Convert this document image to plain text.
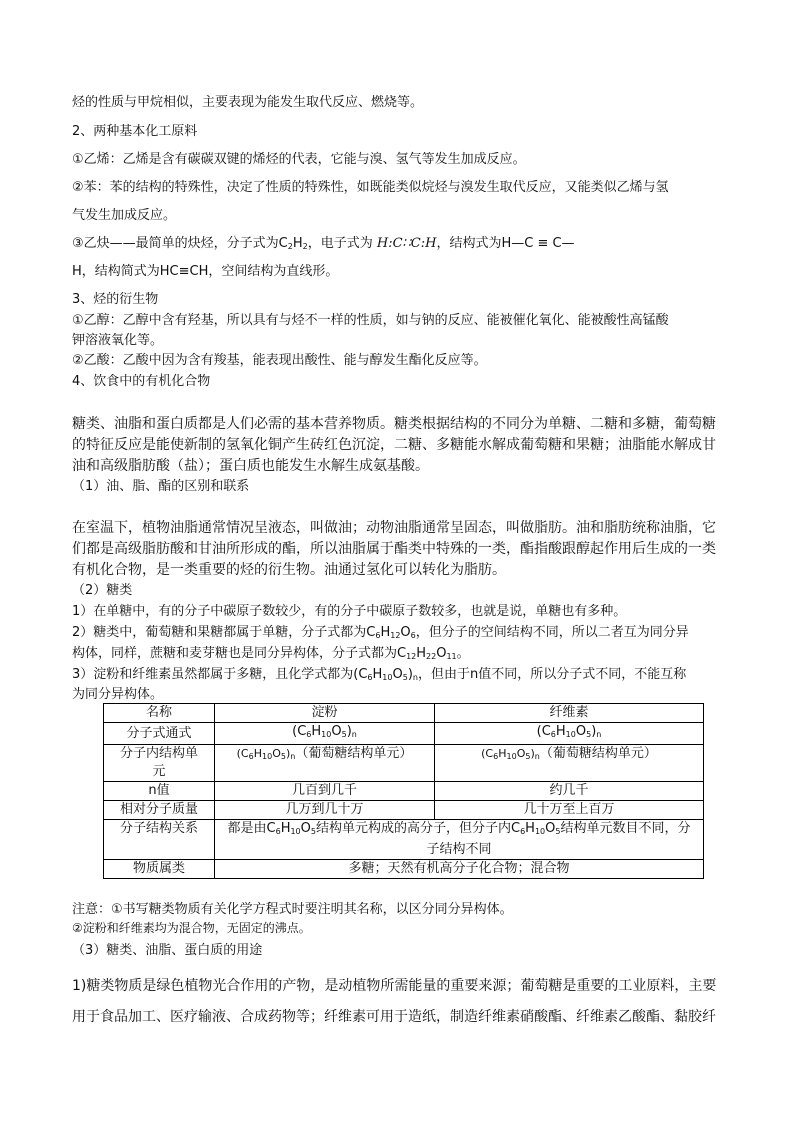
烃的性质与甲烷相似，主要表现为能发生取代反应、燃烧等。

2、两种基本化工原料

①乙烯：乙烯是含有碳碳双键的烯烃的代表，它能与溴、氢气等发生加成反应。

②苯：苯的结构的特殊性，决定了性质的特殊性，如既能类似烷烃与溴发生取代反应，又能类似乙烯与氢

气发生加成反应。

③乙炔——最简单的炔烃，分子式为$C_2H_2$，电子式为 H:C∷C:H，结构式为H—C ≡ C—

H，结构简式为HC≡CH，空间结构为直线形。

3、烃的衍生物

①乙醇：乙醇中含有羟基，所以具有与烃不一样的性质，如与钠的反应、能被催化氧化、能被酸性高锰酸

钾溶液氧化等。

②乙酸：乙酸中因为含有羧基，能表现出酸性、能与醇发生酯化反应等。

4、饮食中的有机化合物

糖类、油脂和蛋白质都是人们必需的基本营养物质。糖类根据结构的不同分为单糖、二糖和多糖，葡萄糖

的特征反应是能使新制的氢氧化铜产生砖红色沉淀，二糖、多糖能水解成葡萄糖和果糖；油脂能水解成甘

油和高级脂肪酸（盐）；蛋白质也能发生水解生成氨基酸。

（1）油、脂、酯的区别和联系

在室温下，植物油脂通常情况呈液态，叫做油；动物油脂通常呈固态，叫做脂肪。油和脂肪统称油脂，它

们都是高级脂肪酸和甘油所形成的酯，所以油脂属于酯类中特殊的一类，酯指酸跟醇起作用后生成的一类

有机化合物，是一类重要的烃的衍生物。油通过氢化可以转化为脂肪。

（2）糖类

1）在单糖中，有的分子中碳原子数较少，有的分子中碳原子数较多，也就是说，单糖也有多种。

2）糖类中，葡萄糖和果糖都属于单糖，分子式都为$C_6H_{12}O_6$，但分子的空间结构不同，所以二者互为同分异

构体，同样，蔗糖和麦芽糖也是同分异构体，分子式都为$C_{12}H_{22}O_{11}$。

3）淀粉和纤维素虽然都属于多糖，且化学式都为$(C_6H_{10}O_5)_n$，但由于n值不同，所以分子式不同，不能互称

为同分异构体。

名称	淀粉	纤维素
分子式通式	$(C_6H_{10}O_5)_n$	$(C_6H_{10}O_5)_n$
分子内结构单
元	$(C_6H_{10}O_5)_n$（葡萄糖结构单元）	$(C_6H_{10}O_5)_n$（葡萄糖结构单元）
n值	几百到几千	约几千
相对分子质量	几万到几十万	几十万至上百万
分子结构关系	都是由$C_6H_{10}O_5$结构单元构成的高分子，但分子内$C_6H_{10}O_5$结构单元数目不同，分
子结构不同	
物质属类	多糖；天然有机高分子化合物；混合物	

注意：①书写糖类物质有关化学方程式时要注明其名称，以区分同分异构体。

②淀粉和纤维素均为混合物，无固定的沸点。

（3）糖类、油脂、蛋白质的用途

1)糖类物质是绿色植物光合作用的产物，是动植物所需能量的重要来源；葡萄糖是重要的工业原料，主要

用于食品加工、医疗输液、合成药物等；纤维素可用于造纸，制造纤维素硝酸酯、纤维素乙酸酯、黏胶纤
